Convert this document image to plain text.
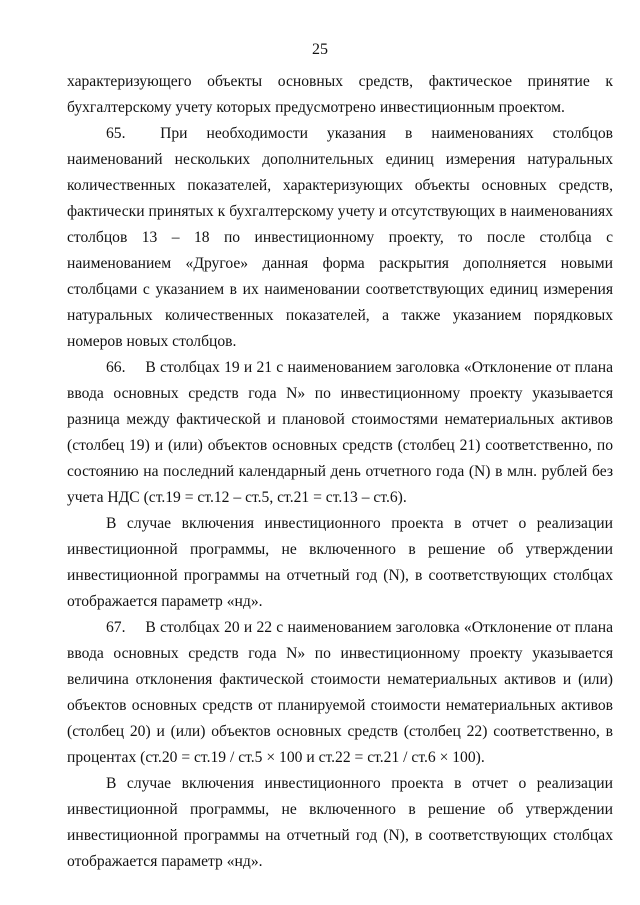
25

характеризующего объекты основных средств, фактическое принятие к бухгалтерскому учету которых предусмотрено инвестиционным проектом.

65.  При необходимости указания в наименованиях столбцов наименований нескольких дополнительных единиц измерения натуральных количественных показателей, характеризующих объекты основных средств, фактически принятых к бухгалтерскому учету и отсутствующих в наименованиях столбцов 13 – 18 по инвестиционному проекту, то после столбца с наименованием «Другое» данная форма раскрытия дополняется новыми столбцами с указанием в их наименовании соответствующих единиц измерения натуральных количественных показателей, а также указанием порядковых номеров новых столбцов.

66.  В столбцах 19 и 21 с наименованием заголовка «Отклонение от плана ввода основных средств года N» по инвестиционному проекту указывается разница между фактической и плановой стоимостями нематериальных активов (столбец 19) и (или) объектов основных средств (столбец 21) соответственно, по состоянию на последний календарный день отчетного года (N) в млн. рублей без учета НДС (ст.19 = ст.12 – ст.5, ст.21 = ст.13 – ст.6).

В случае включения инвестиционного проекта в отчет о реализации инвестиционной программы, не включенного в решение об утверждении инвестиционной программы на отчетный год (N), в соответствующих столбцах отображается параметр «нд».

67.  В столбцах 20 и 22 с наименованием заголовка «Отклонение от плана ввода основных средств года N» по инвестиционному проекту указывается величина отклонения фактической стоимости нематериальных активов и (или) объектов основных средств от планируемой стоимости нематериальных активов (столбец 20) и (или) объектов основных средств (столбец 22) соответственно, в процентах (ст.20 = ст.19 / ст.5 × 100 и ст.22 = ст.21 / ст.6 × 100).

В случае включения инвестиционного проекта в отчет о реализации инвестиционной программы, не включенного в решение об утверждении инвестиционной программы на отчетный год (N), в соответствующих столбцах отображается параметр «нд».
